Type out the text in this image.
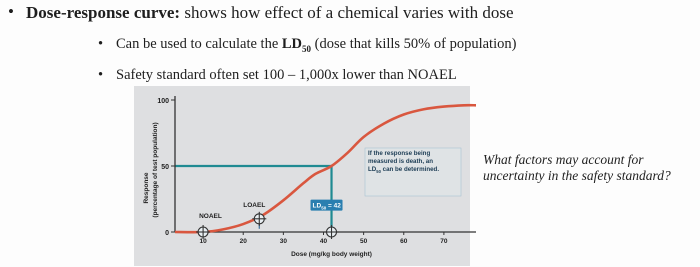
• Dose-response curve: shows how effect of a chemical varies with dose
• Can be used to calculate the $LD_{50}$ (dose that kills 50% of population)
• Safety standard often set 100 – 1,000x lower than NOAEL
What factors may account for uncertainty in the safety standard?
100
50
0
10	20	30	40	50	60	70
Dose (mg/kg body weight)
Response (percentage of test population)	NOAEL
LOAEL	$LD_{50} = 42$
If the response being
measured is death, an
$LD_{50}$ can be determined.
